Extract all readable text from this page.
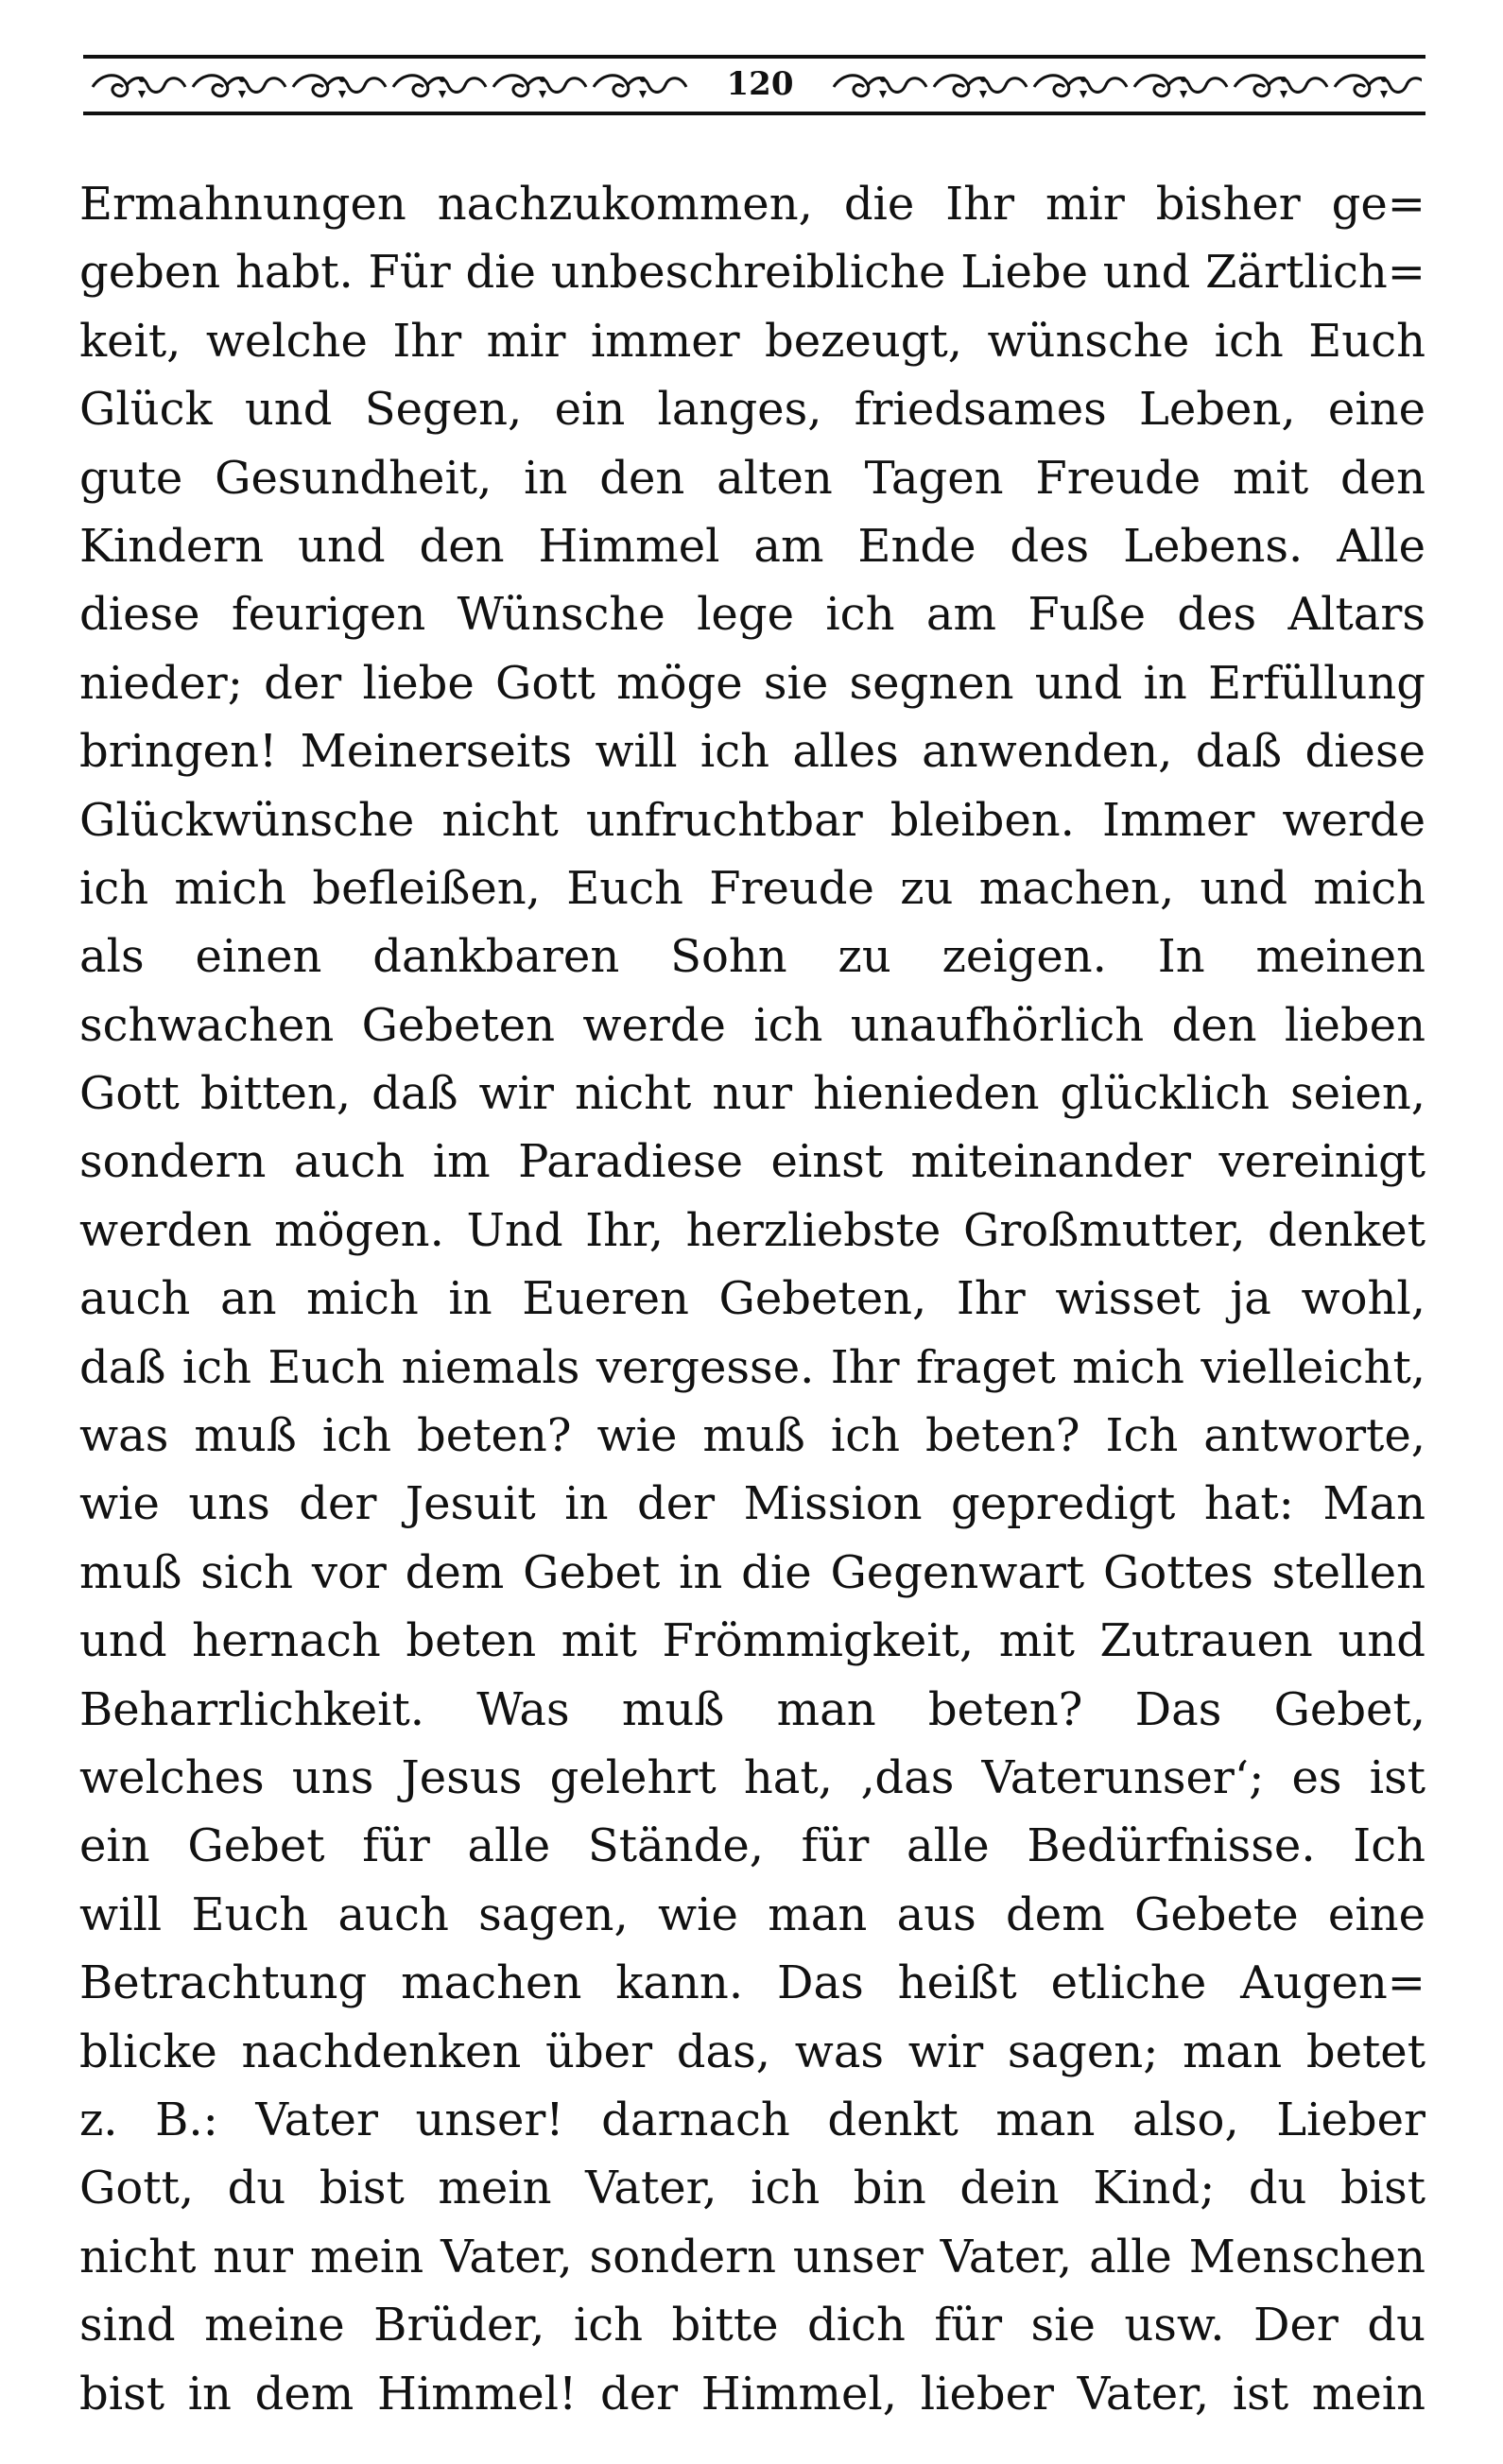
120
Ermahnungen nachzukommen, die Ihr mir bisher ge=
geben habt. Für die unbeschreibliche Liebe und Zärtlich=
keit, welche Ihr mir immer bezeugt, wünsche ich Euch
Glück und Segen, ein langes, friedsames Leben, eine
gute Gesundheit, in den alten Tagen Freude mit den
Kindern und den Himmel am Ende des Lebens. Alle
diese feurigen Wünsche lege ich am Fuße des Altars
nieder; der liebe Gott möge sie segnen und in Erfüllung
bringen! Meinerseits will ich alles anwenden, daß diese
Glückwünsche nicht unfruchtbar bleiben. Immer werde
ich mich befleißen, Euch Freude zu machen, und mich
als einen dankbaren Sohn zu zeigen. In meinen
schwachen Gebeten werde ich unaufhörlich den lieben
Gott bitten, daß wir nicht nur hienieden glücklich seien,
sondern auch im Paradiese einst miteinander vereinigt
werden mögen. Und Ihr, herzliebste Großmutter, denket
auch an mich in Eueren Gebeten, Ihr wisset ja wohl,
daß ich Euch niemals vergesse. Ihr fraget mich vielleicht,
was muß ich beten? wie muß ich beten? Ich antworte,
wie uns der Jesuit in der Mission gepredigt hat: Man
muß sich vor dem Gebet in die Gegenwart Gottes stellen
und hernach beten mit Frömmigkeit, mit Zutrauen und
Beharrlichkeit. Was muß man beten? Das Gebet,
welches uns Jesus gelehrt hat, ‚das Vaterunser‘; es ist
ein Gebet für alle Stände, für alle Bedürfnisse. Ich
will Euch auch sagen, wie man aus dem Gebete eine
Betrachtung machen kann. Das heißt etliche Augen=
blicke nachdenken über das, was wir sagen; man betet
z. B.: Vater unser! darnach denkt man also, Lieber
Gott, du bist mein Vater, ich bin dein Kind; du bist
nicht nur mein Vater, sondern unser Vater, alle Menschen
sind meine Brüder, ich bitte dich für sie usw. Der du
bist in dem Himmel! der Himmel, lieber Vater, ist mein
